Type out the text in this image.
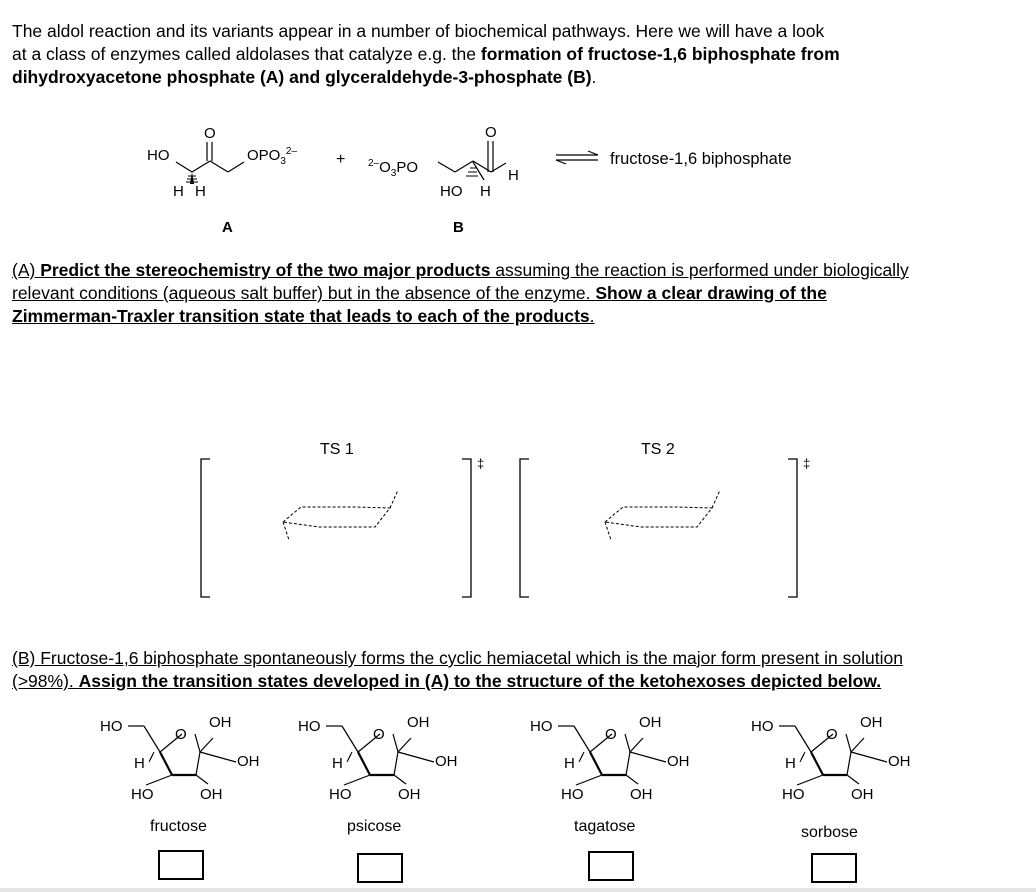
The aldol reaction and its variants appear in a number of biochemical pathways. Here we will have a look
at a class of enzymes called aldolases that catalyze e.g. the formation of fructose-1,6 biphosphate from
dihydroxyacetone phosphate (A) and glyceraldehyde-3-phosphate (B).
HO
O
$OPO_3^{2-}$
H H
A
+ $^{2-}O_3PO$
O
H
HO H
B
fructose-1,6 biphosphate
(A) Predict the stereochemistry of the two major products assuming the reaction is performed under biologically
relevant conditions (aqueous salt buffer) but in the absence of the enzyme. Show a clear drawing of the
Zimmerman-Traxler transition state that leads to each of the products.
TS 1
‡
TS 2
‡
(B) Fructose-1,6 biphosphate spontaneously forms the cyclic hemiacetal which is the major form present in solution
(>98%). Assign the transition states developed in (A) to the structure of the ketohexoses depicted below.
HO	O
OH
H	OH
HO	OH
HO	O
OH
H	OH
HO	OH
HO	O
OH
H	OH
HO	OH
HO	O
OH
H	OH
HO	OH
fructose	psicose	tagatose	sorbose
